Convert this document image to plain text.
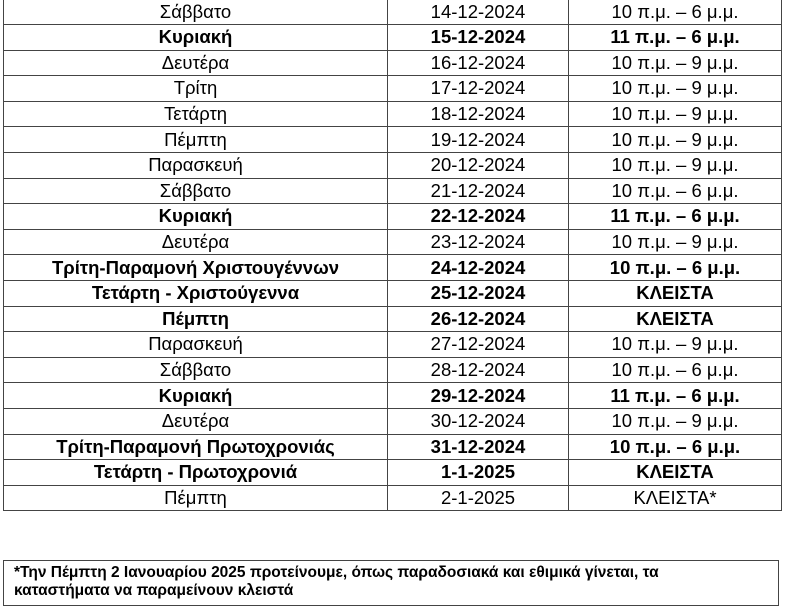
Σάββατο	14-12-2024	10 π.μ. – 6 μ.μ.
Κυριακή	15-12-2024	11 π.μ. – 6 μ.μ.
Δευτέρα	16-12-2024	10 π.μ. – 9 μ.μ.
Τρίτη	17-12-2024	10 π.μ. – 9 μ.μ.
Τετάρτη	18-12-2024	10 π.μ. – 9 μ.μ.
Πέμπτη	19-12-2024	10 π.μ. – 9 μ.μ.
Παρασκευή	20-12-2024	10 π.μ. – 9 μ.μ.
Σάββατο	21-12-2024	10 π.μ. – 6 μ.μ.
Κυριακή	22-12-2024	11 π.μ. – 6 μ.μ.
Δευτέρα	23-12-2024	10 π.μ. – 9 μ.μ.
Τρίτη-Παραμονή Χριστουγέννων	24-12-2024	10 π.μ. – 6 μ.μ.
Τετάρτη - Χριστούγεννα	25-12-2024	ΚΛΕΙΣΤΑ
Πέμπτη	26-12-2024	ΚΛΕΙΣΤΑ
Παρασκευή	27-12-2024	10 π.μ. – 9 μ.μ.
Σάββατο	28-12-2024	10 π.μ. – 6 μ.μ.
Κυριακή	29-12-2024	11 π.μ. – 6 μ.μ.
Δευτέρα	30-12-2024	10 π.μ. – 9 μ.μ.
Τρίτη-Παραμονή Πρωτοχρονιάς	31-12-2024	10 π.μ. – 6 μ.μ.
Τετάρτη - Πρωτοχρονιά	1-1-2025	ΚΛΕΙΣΤΑ
Πέμπτη	2-1-2025	ΚΛΕΙΣΤΑ*
*Την Πέμπτη 2 Ιανουαρίου 2025 προτείνουμε, όπως παραδοσιακά και εθιμικά γίνεται, τα
καταστήματα να παραμείνουν κλειστά
